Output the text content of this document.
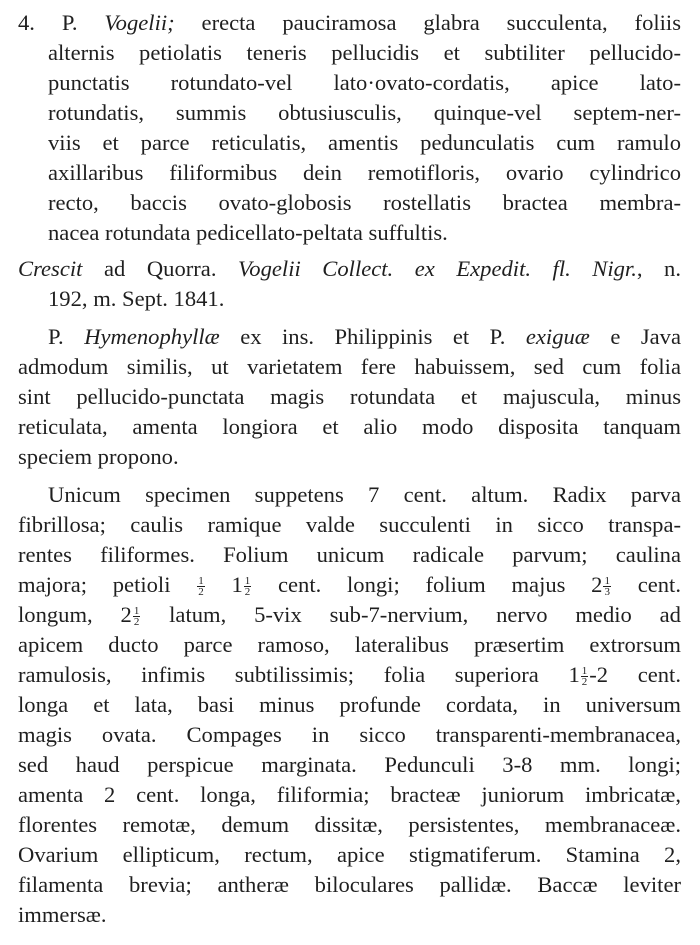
4. P. Vogelii; erecta pauciramosa glabra succulenta, foliis
alternis petiolatis teneris pellucidis et subtiliter pellucido-
punctatis rotundato-vel lato·ovato-cordatis, apice lato-
rotundatis, summis obtusiusculis, quinque-vel septem-ner-
viis et parce reticulatis, amentis pedunculatis cum ramulo
axillaribus filiformibus dein remotifloris, ovario cylindrico
recto, baccis ovato-globosis rostellatis bractea membra-
nacea rotundata pedicellato-peltata suffultis.
Crescit ad Quorra. Vogelii Collect. ex Expedit. fl. Nigr., n.
192, m. Sept. 1841.
P. Hymenophyllæ ex ins. Philippinis et P. exiguæ e Java
admodum similis, ut varietatem fere habuissem, sed cum folia
sint pellucido-punctata magis rotundata et majuscula, minus
reticulata, amenta longiora et alio modo disposita tanquam
speciem propono.
Unicum specimen suppetens 7 cent. altum. Radix parva
fibrillosa; caulis ramique valde succulenti in sicco transpa-
rentes filiformes. Folium unicum radicale parvum; caulina
majora; petioli $\frac{1}{2} 1 \frac{1}{2}$ cent. longi; folium majus $2 \frac{1}{3}$ cent.
longum, $2 \frac{1}{2}$ latum, 5-vix sub-7-nervium, nervo medio ad
apicem ducto parce ramoso, lateralibus præsertim extrorsum
ramulosis, infimis subtilissimis; folia superiora $1 \frac{1}{2} -2$ cent.
longa et lata, basi minus profunde cordata, in universum
magis ovata. Compages in sicco transparenti-membranacea,
sed haud perspicue marginata. Pedunculi 3-8 mm. longi;
amenta 2 cent. longa, filiformia; bracteæ juniorum imbricatæ,
florentes remotæ, demum dissitæ, persistentes, membranaceæ.
Ovarium ellipticum, rectum, apice stigmatiferum. Stamina 2,
filamenta brevia; antheræ biloculares pallidæ. Baccæ leviter
immersæ.
